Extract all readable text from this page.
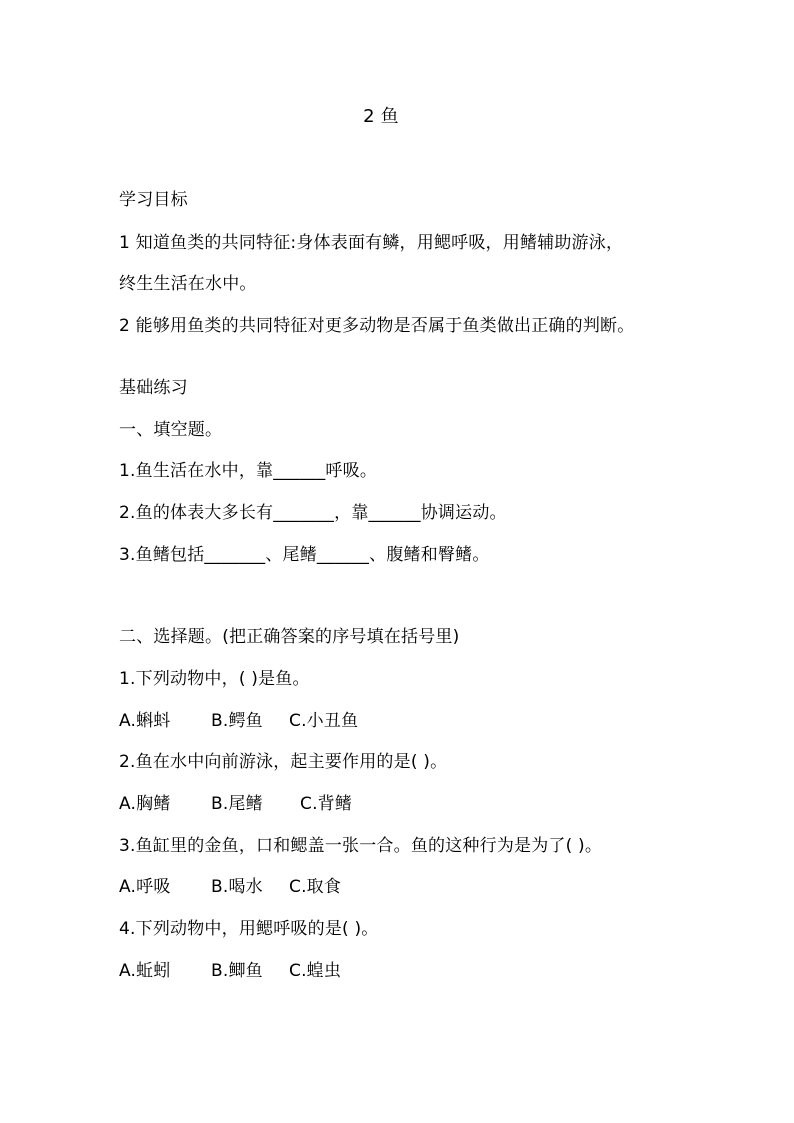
2 鱼
学习目标
1 知道鱼类的共同特征:身体表面有鳞，用鳃呼吸，用鳍辅助游泳，
终生生活在水中。
2 能够用鱼类的共同特征对更多动物是否属于鱼类做出正确的判断。
基础练习
一、填空题。
1.鱼生活在水中，靠______呼吸。
2.鱼的体表大多长有_______，靠______协调运动。
3.鱼鳍包括_______、尾鳍______、腹鳍和臀鳍。
二、选择题。(把正确答案的序号填在括号里)
1.下列动物中，( )是鱼。
A.蝌蚪 B.鳄鱼 C.小丑鱼
2.鱼在水中向前游泳，起主要作用的是( )。
A.胸鳍 B.尾鳍 C.背鳍
3.鱼缸里的金鱼，口和鳃盖一张一合。鱼的这种行为是为了( )。
A.呼吸 B.喝水 C.取食
4.下列动物中，用鳃呼吸的是( )。
A.蚯蚓 B.鲫鱼 C.蝗虫
